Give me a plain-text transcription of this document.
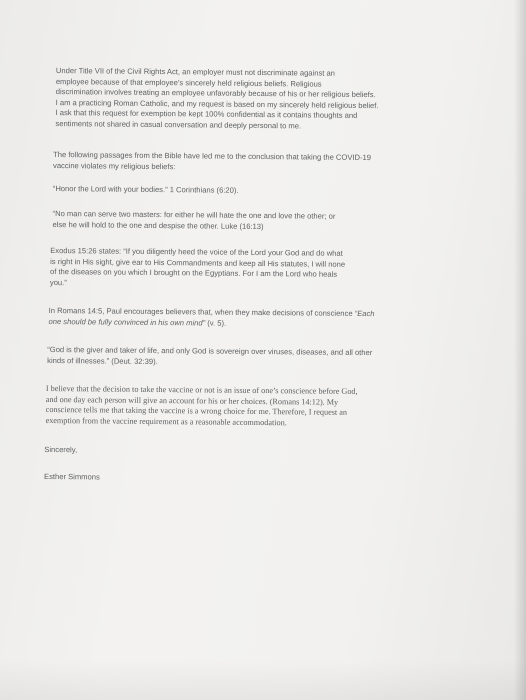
Under Title VII of the Civil Rights Act, an employer must not discriminate against an
employee because of that employee’s sincerely held religious beliefs. Religious
discrimination involves treating an employee unfavorably because of his or her religious beliefs.
I am a practicing Roman Catholic, and my request is based on my sincerely held religious belief.
I ask that this request for exemption be kept 100% confidential as it contains thoughts and
sentiments not shared in casual conversation and deeply personal to me.

The following passages from the Bible have led me to the conclusion that taking the COVID-19
vaccine violates my religious beliefs:

“Honor the Lord with your bodies.” 1 Corinthians (6:20).

“No man can serve two masters: for either he will hate the one and love the other; or
else he will hold to the one and despise the other. Luke (16:13)

Exodus 15:26 states: “If you diligently heed the voice of the Lord your God and do what
is right in His sight, give ear to His Commandments and keep all His statutes, I will none
of the diseases on you which I brought on the Egyptians. For I am the Lord who heals
you.”

In Romans 14:5, Paul encourages believers that, when they make decisions of conscience “Each
one should be fully convinced in his own mind” (v. 5).

“God is the giver and taker of life, and only God is sovereign over viruses, diseases, and all other
kinds of illnesses.” (Deut. 32:39).

I believe that the decision to take the vaccine or not is an issue of one’s conscience before God,
and one day each person will give an account for his or her choices. (Romans 14:12). My
conscience tells me that taking the vaccine is a wrong choice for me. Therefore, I request an
exemption from the vaccine requirement as a reasonable accommodation.

Sincerely,

Esther Simmons
